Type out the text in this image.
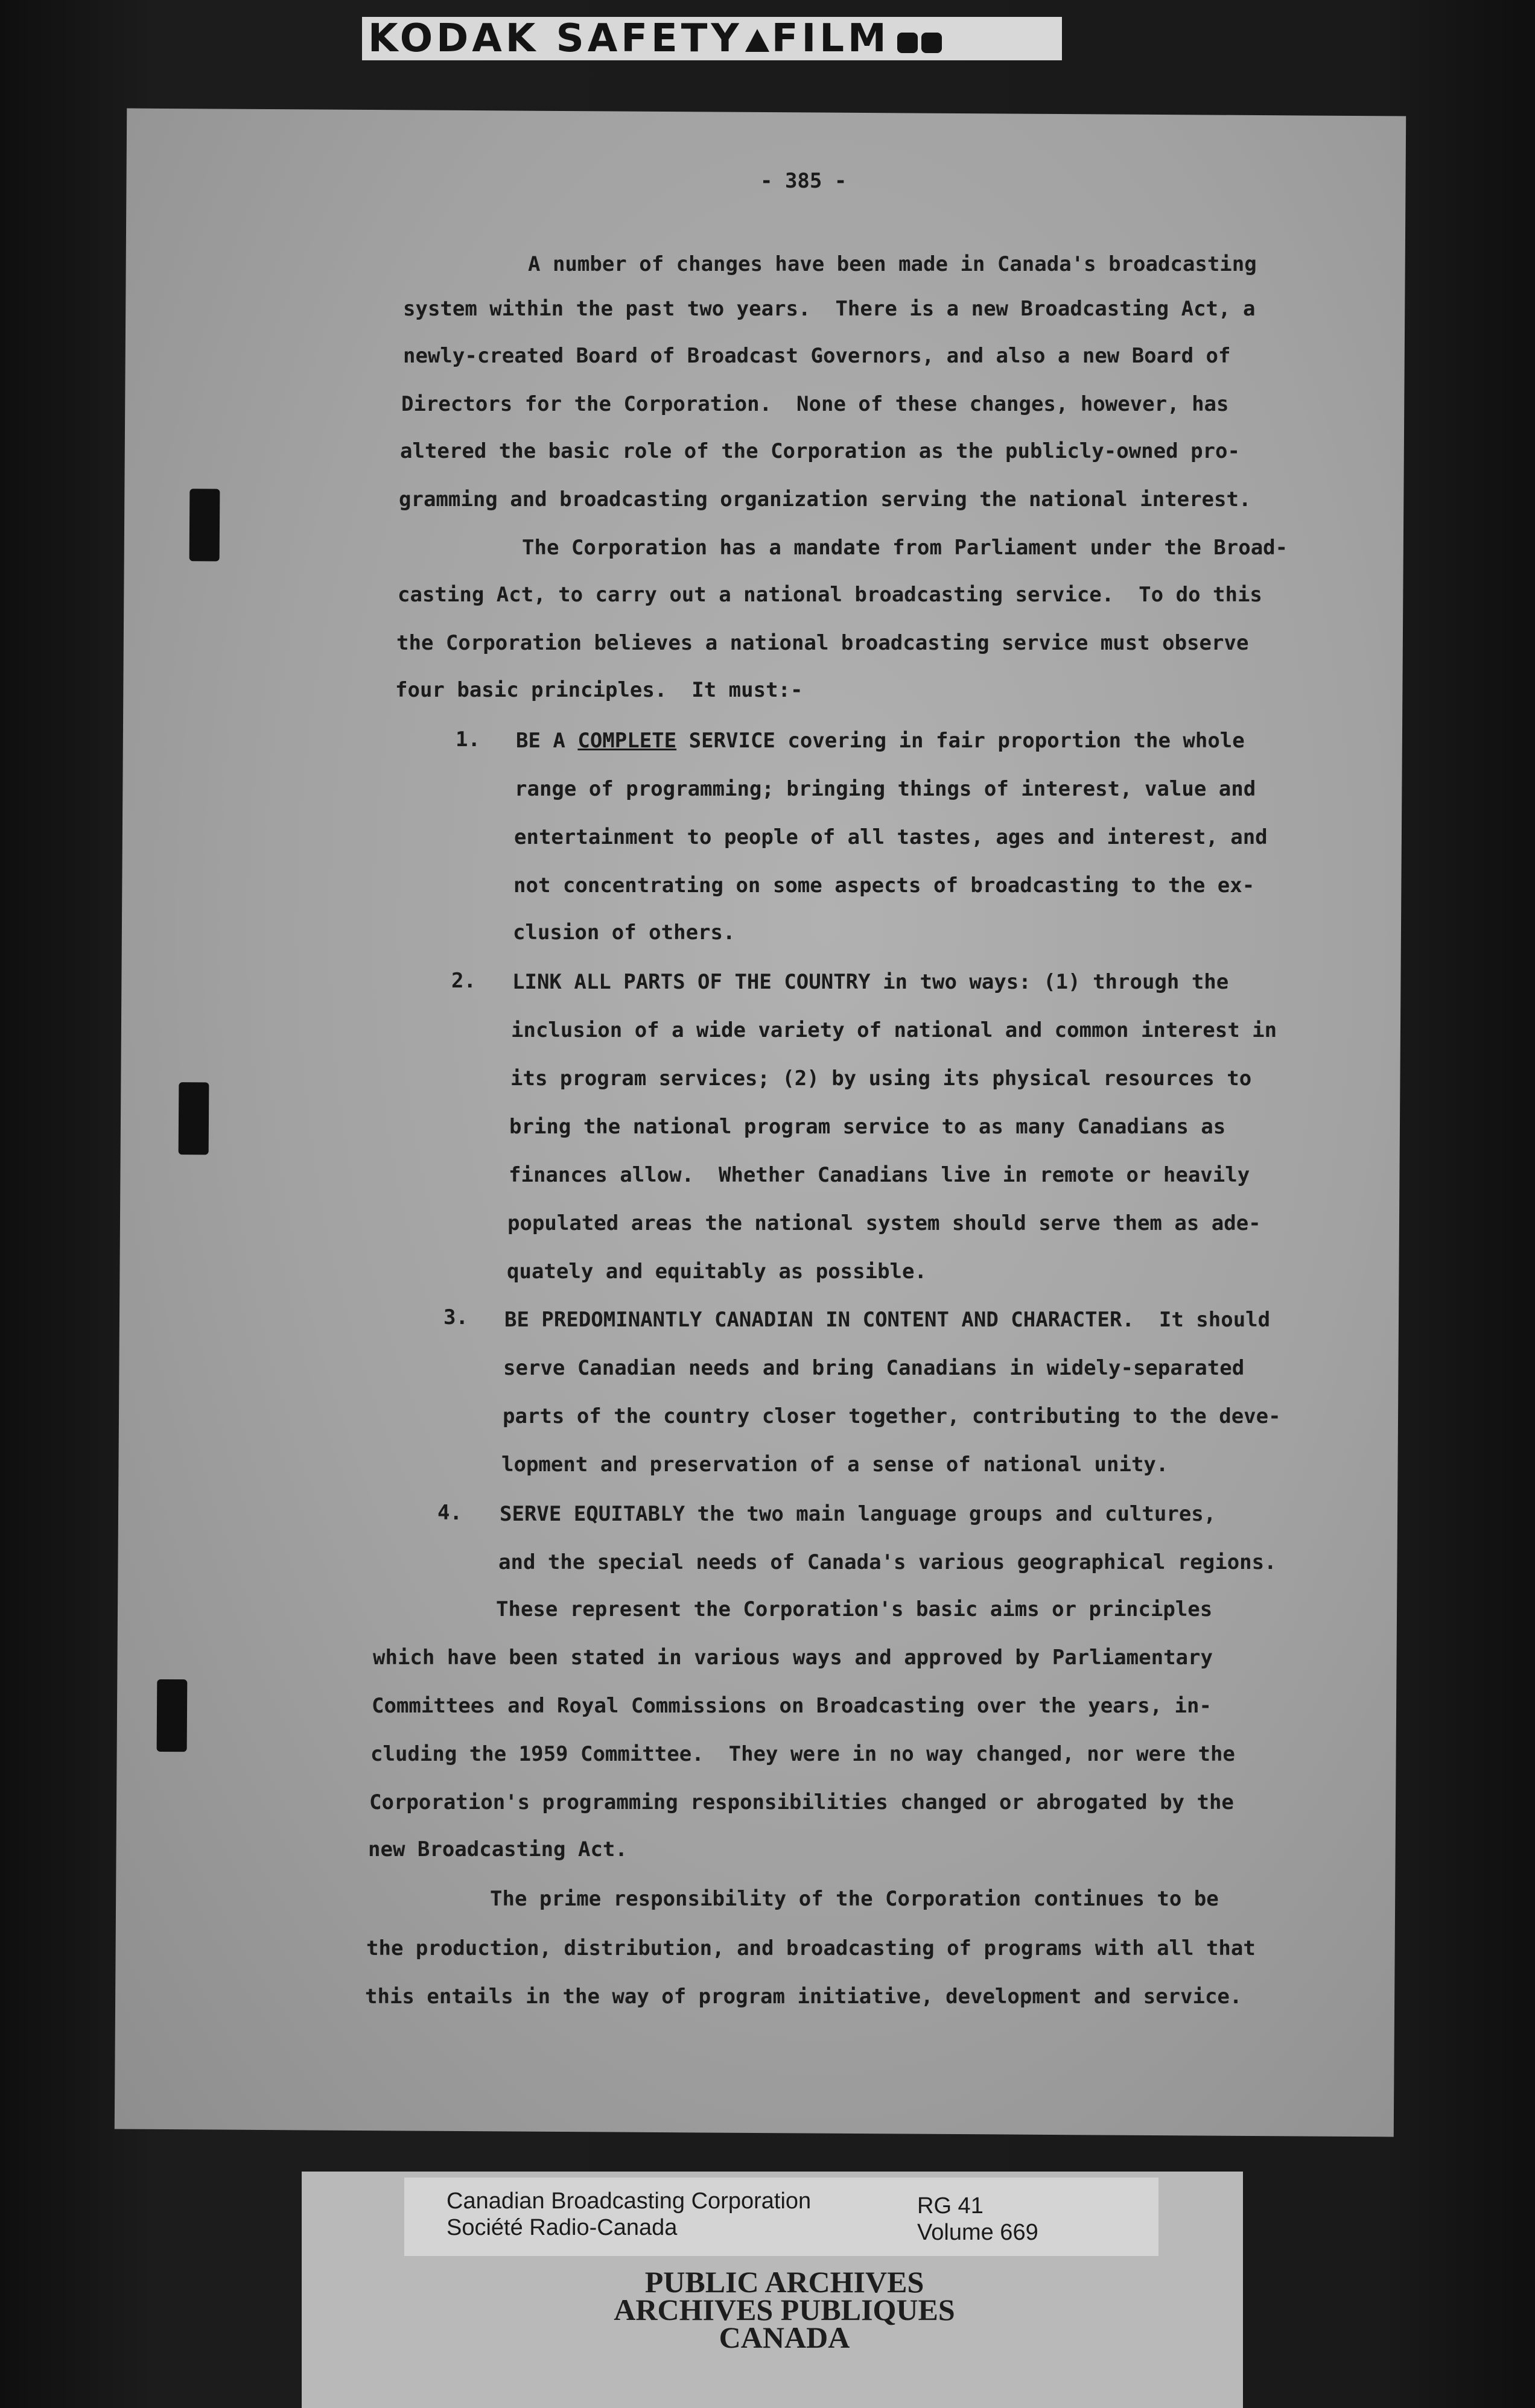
KODAK SAFETY FILM

- 385 -

A number of changes have been made in Canada's broadcasting

system within the past two years.  There is a new Broadcasting Act, a

newly-created Board of Broadcast Governors, and also a new Board of

Directors for the Corporation.  None of these changes, however, has

altered the basic role of the Corporation as the publicly-owned pro-

gramming and broadcasting organization serving the national interest.

The Corporation has a mandate from Parliament under the Broad-

casting Act, to carry out a national broadcasting service.  To do this

the Corporation believes a national broadcasting service must observe

four basic principles.  It must:-

1.

BE A COMPLETE SERVICE covering in fair proportion the whole

range of programming; bringing things of interest, value and

entertainment to people of all tastes, ages and interest, and

not concentrating on some aspects of broadcasting to the ex-

clusion of others.

2.

LINK ALL PARTS OF THE COUNTRY in two ways: (1) through the

inclusion of a wide variety of national and common interest in

its program services; (2) by using its physical resources to

bring the national program service to as many Canadians as

finances allow.  Whether Canadians live in remote or heavily

populated areas the national system should serve them as ade-

quately and equitably as possible.

3.

BE PREDOMINANTLY CANADIAN IN CONTENT AND CHARACTER.  It should

serve Canadian needs and bring Canadians in widely-separated

parts of the country closer together, contributing to the deve-

lopment and preservation of a sense of national unity.

4.

SERVE EQUITABLY the two main language groups and cultures,

and the special needs of Canada's various geographical regions.

These represent the Corporation's basic aims or principles

which have been stated in various ways and approved by Parliamentary

Committees and Royal Commissions on Broadcasting over the years, in-

cluding the 1959 Committee.  They were in no way changed, nor were the

Corporation's programming responsibilities changed or abrogated by the

new Broadcasting Act.

The prime responsibility of the Corporation continues to be

the production, distribution, and broadcasting of programs with all that

this entails in the way of program initiative, development and service.

Canadian Broadcasting Corporation
Société Radio-Canada
RG 41
Volume 669
PUBLIC ARCHIVES
ARCHIVES PUBLIQUES
CANADA
